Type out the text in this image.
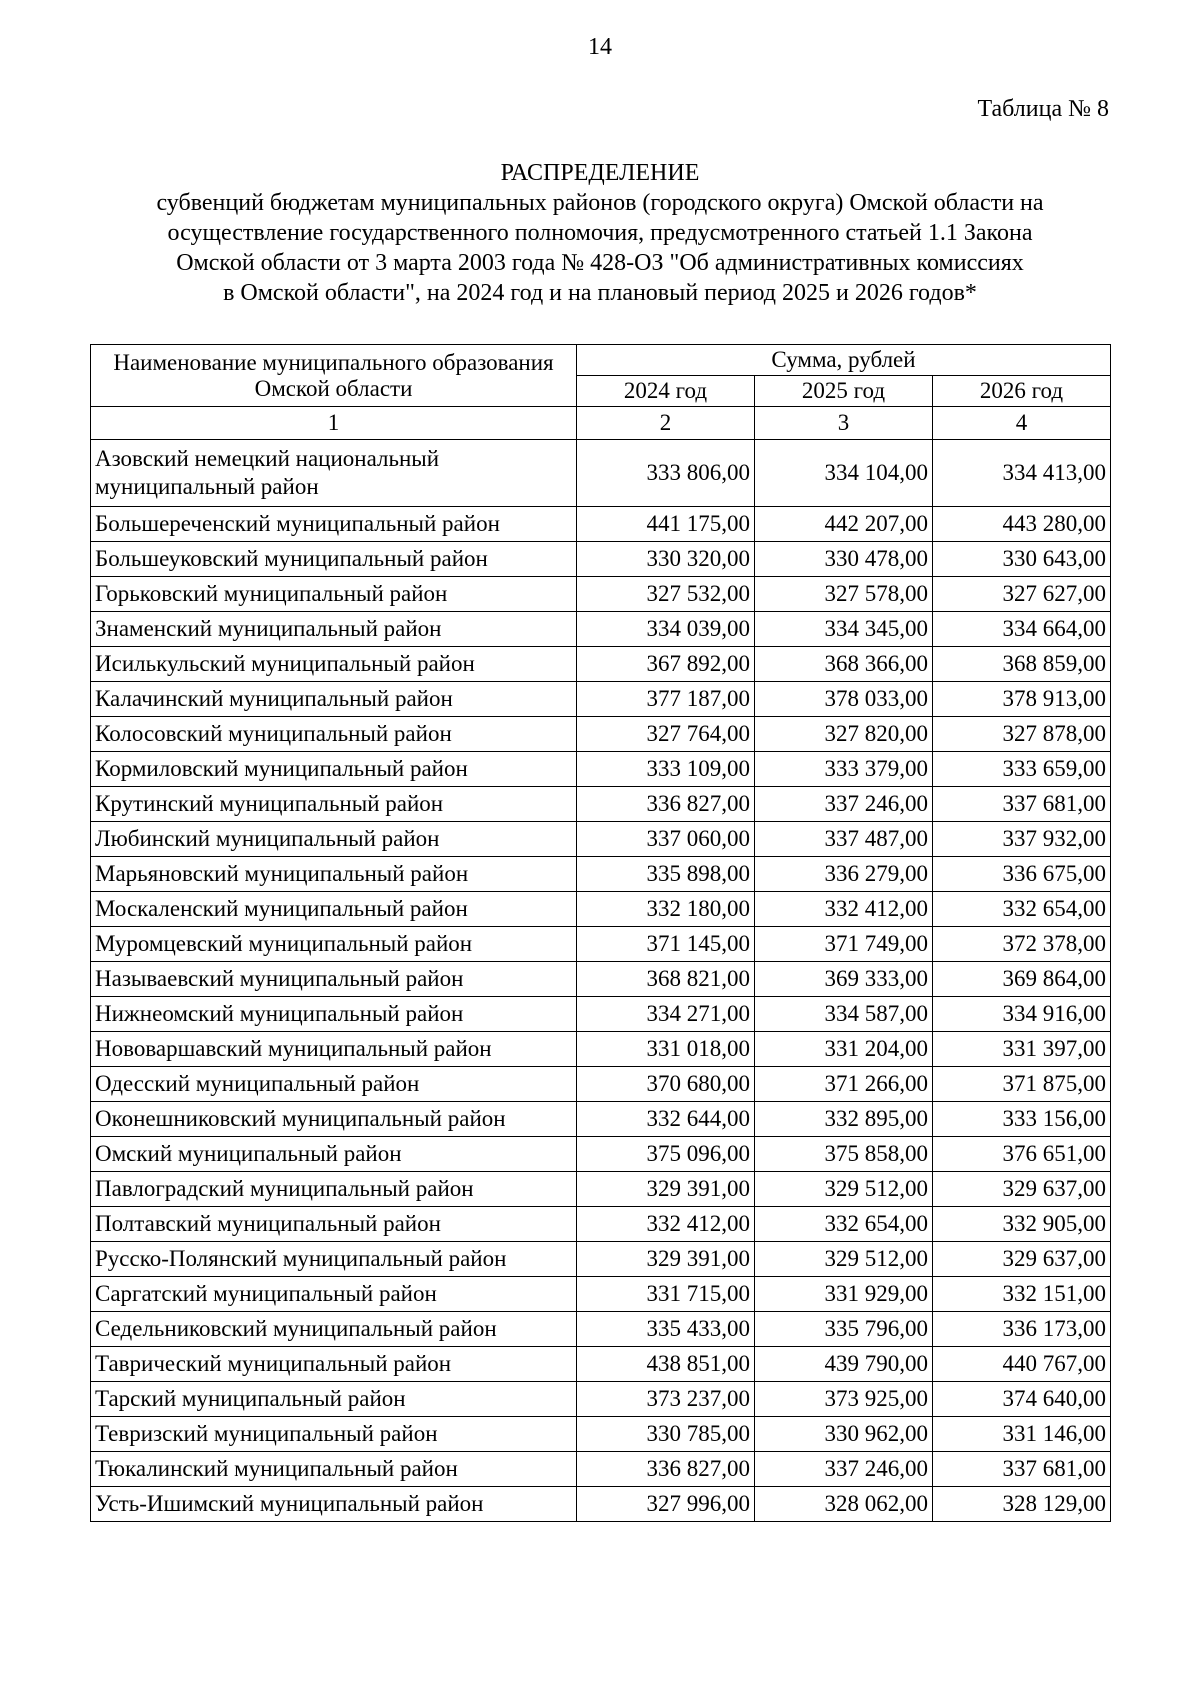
14
Таблица № 8
РАСПРЕДЕЛЕНИЕ
субвенций бюджетам муниципальных районов (городского округа) Омской области на
осуществление государственного полномочия, предусмотренного статьей 1.1 Закона
Омской области от 3 марта 2003 года № 428-ОЗ "Об административных комиссиях
в Омской области", на 2024 год и на плановый период 2025 и 2026 годов*
Наименование муниципального образования Омской области	Сумма, рублей		
	2024 год	2025 год	2026 год
1	2	3	4
Азовский немецкий национальный муниципальный район	333 806,00	334 104,00	334 413,00
Большереченский муниципальный район	441 175,00	442 207,00	443 280,00
Большеуковский муниципальный район	330 320,00	330 478,00	330 643,00
Горьковский муниципальный район	327 532,00	327 578,00	327 627,00
Знаменский муниципальный район	334 039,00	334 345,00	334 664,00
Исилькульский муниципальный район	367 892,00	368 366,00	368 859,00
Калачинский муниципальный район	377 187,00	378 033,00	378 913,00
Колосовский муниципальный район	327 764,00	327 820,00	327 878,00
Кормиловский муниципальный район	333 109,00	333 379,00	333 659,00
Крутинский муниципальный район	336 827,00	337 246,00	337 681,00
Любинский муниципальный район	337 060,00	337 487,00	337 932,00
Марьяновский муниципальный район	335 898,00	336 279,00	336 675,00
Москаленский муниципальный район	332 180,00	332 412,00	332 654,00
Муромцевский муниципальный район	371 145,00	371 749,00	372 378,00
Называевский муниципальный район	368 821,00	369 333,00	369 864,00
Нижнеомский муниципальный район	334 271,00	334 587,00	334 916,00
Нововаршавский муниципальный район	331 018,00	331 204,00	331 397,00
Одесский муниципальный район	370 680,00	371 266,00	371 875,00
Оконешниковский муниципальный район	332 644,00	332 895,00	333 156,00
Омский муниципальный район	375 096,00	375 858,00	376 651,00
Павлоградский муниципальный район	329 391,00	329 512,00	329 637,00
Полтавский муниципальный район	332 412,00	332 654,00	332 905,00
Русско-Полянский муниципальный район	329 391,00	329 512,00	329 637,00
Саргатский муниципальный район	331 715,00	331 929,00	332 151,00
Седельниковский муниципальный район	335 433,00	335 796,00	336 173,00
Таврический муниципальный район	438 851,00	439 790,00	440 767,00
Тарский муниципальный район	373 237,00	373 925,00	374 640,00
Тевризский муниципальный район	330 785,00	330 962,00	331 146,00
Тюкалинский муниципальный район	336 827,00	337 246,00	337 681,00
Усть-Ишимский муниципальный район	327 996,00	328 062,00	328 129,00
